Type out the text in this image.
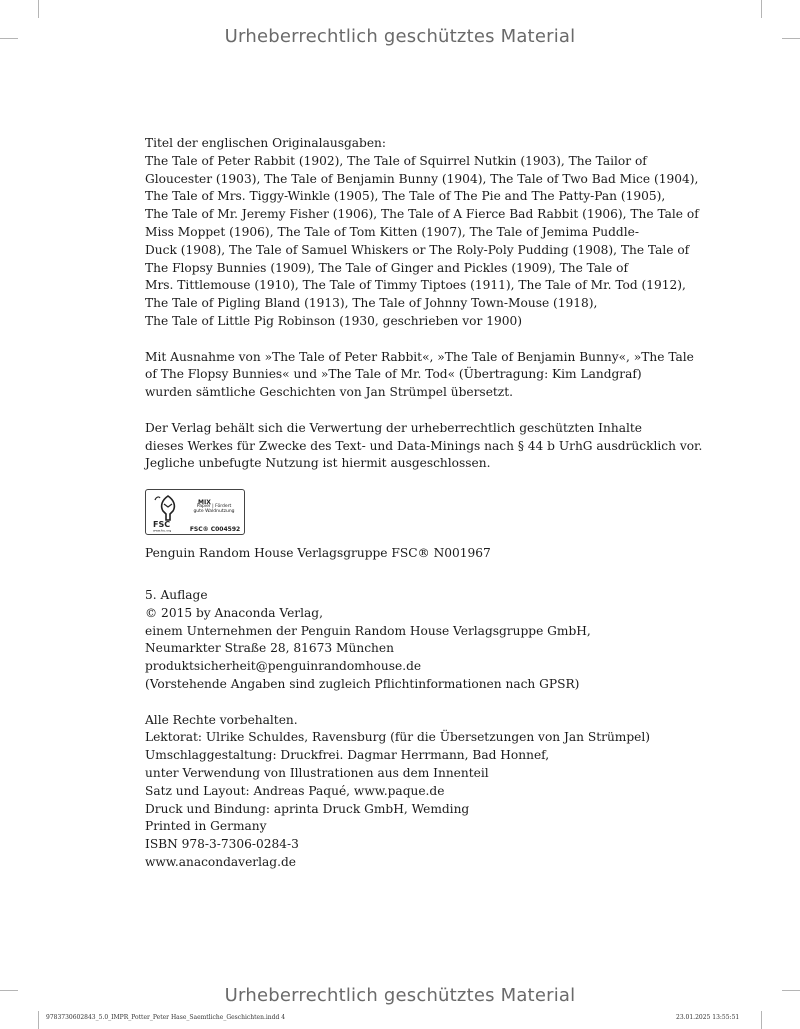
Urheberrechtlich geschütztes Material

Titel der englischen Originalausgaben:
The Tale of Peter Rabbit (1902), The Tale of Squirrel Nutkin (1903), The Tailor of
Gloucester (1903), The Tale of Benjamin Bunny (1904), The Tale of Two Bad Mice (1904),
The Tale of Mrs. Tiggy-Winkle (1905), The Tale of The Pie and The Patty-Pan (1905),
The Tale of Mr. Jeremy Fisher (1906), The Tale of A Fierce Bad Rabbit (1906), The Tale of
Miss Moppet (1906), The Tale of Tom Kitten (1907), The Tale of Jemima Puddle-
Duck (1908), The Tale of Samuel Whiskers or The Roly-Poly Pudding (1908), The Tale of
The Flopsy Bunnies (1909), The Tale of Ginger and Pickles (1909), The Tale of
Mrs. Tittlemouse (1910), The Tale of Timmy Tiptoes (1911), The Tale of Mr. Tod (1912),
The Tale of Pigling Bland (1913), The Tale of Johnny Town-Mouse (1918),
The Tale of Little Pig Robinson (1930, geschrieben vor 1900)

Mit Ausnahme von »The Tale of Peter Rabbit«, »The Tale of Benjamin Bunny«, »The Tale
of The Flopsy Bunnies« und »The Tale of Mr. Tod« (Übertragung: Kim Landgraf)
wurden sämtliche Geschichten von Jan Strümpel übersetzt.

Der Verlag behält sich die Verwertung der urheberrechtlich geschützten Inhalte
dieses Werkes für Zwecke des Text- und Data-Minings nach § 44 b UrhG ausdrücklich vor.
Jegliche unbefugte Nutzung ist hiermit ausgeschlossen.

FSC
www.fsc.org
MIX
Papier | Fördert
gute Waldnutzung
FSC® C004592

Penguin Random House Verlagsgruppe FSC® N001967

5. Auflage
© 2015 by Anaconda Verlag,
einem Unternehmen der Penguin Random House Verlagsgruppe GmbH,
Neumarkter Straße 28, 81673 München
produktsicherheit@penguinrandomhouse.de
(Vorstehende Angaben sind zugleich Pflichtinformationen nach GPSR)

Alle Rechte vorbehalten.
Lektorat: Ulrike Schuldes, Ravensburg (für die Übersetzungen von Jan Strümpel)
Umschlaggestaltung: Druckfrei. Dagmar Herrmann, Bad Honnef,
unter Verwendung von Illustrationen aus dem Innenteil
Satz und Layout: Andreas Paqué, www.paque.de
Druck und Bindung: aprinta Druck GmbH, Wemding
Printed in Germany
ISBN 978-3-7306-0284-3
www.anacondaverlag.de

Urheberrechtlich geschütztes Material
9783730602843_5.0_IMPR_Potter_Peter Hase_Saemtliche_Geschichten.indd 4	23.01.2025 13:55:51
